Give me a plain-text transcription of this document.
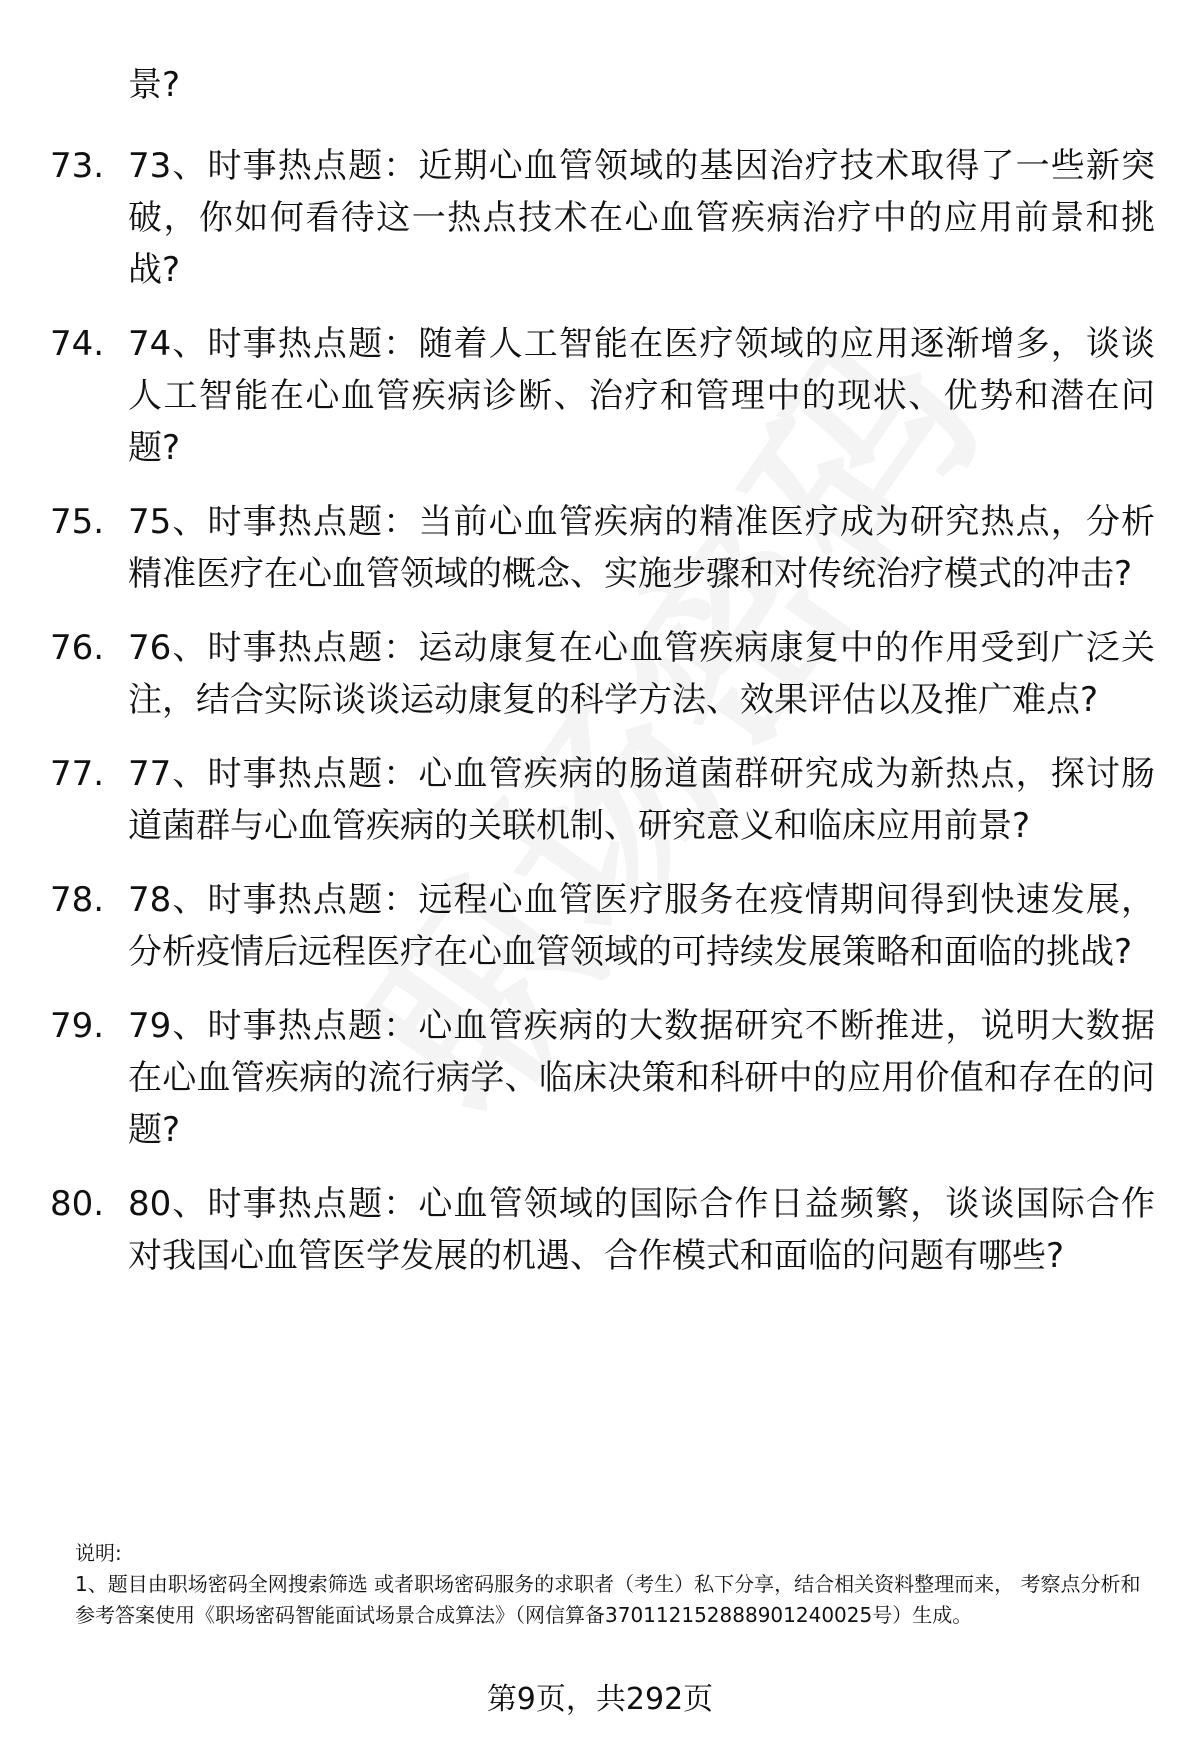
景?
73. 73、时事热点题：近期心血管领域的基因治疗技术取得了一些新突破，你如何看待这一热点技术在心血管疾病治疗中的应用前景和挑战?
74. 74、时事热点题：随着人工智能在医疗领域的应用逐渐增多，谈谈人工智能在心血管疾病诊断、治疗和管理中的现状、优势和潜在问题?
75. 75、时事热点题：当前心血管疾病的精准医疗成为研究热点，分析精准医疗在心血管领域的概念、实施步骤和对传统治疗模式的冲击?
76. 76、时事热点题：运动康复在心血管疾病康复中的作用受到广泛关注，结合实际谈谈运动康复的科学方法、效果评估以及推广难点?
77. 77、时事热点题：心血管疾病的肠道菌群研究成为新热点，探讨肠道菌群与心血管疾病的关联机制、研究意义和临床应用前景?
78. 78、时事热点题：远程心血管医疗服务在疫情期间得到快速发展，分析疫情后远程医疗在心血管领域的可持续发展策略和面临的挑战?
79. 79、时事热点题：心血管疾病的大数据研究不断推进，说明大数据在心血管疾病的流行病学、临床决策和科研中的应用价值和存在的问题?
80. 80、时事热点题：心血管领域的国际合作日益频繁，谈谈国际合作对我国心血管医学发展的机遇、合作模式和面临的问题有哪些?
说明:
1、题目由职场密码全网搜索筛选 或者职场密码服务的求职者（考生）私下分享，结合相关资料整理而来， 考察点分析和参考答案使用《职场密码智能面试场景合成算法》（网信算备370112152888901240025号）生成。
第9页，共292页
